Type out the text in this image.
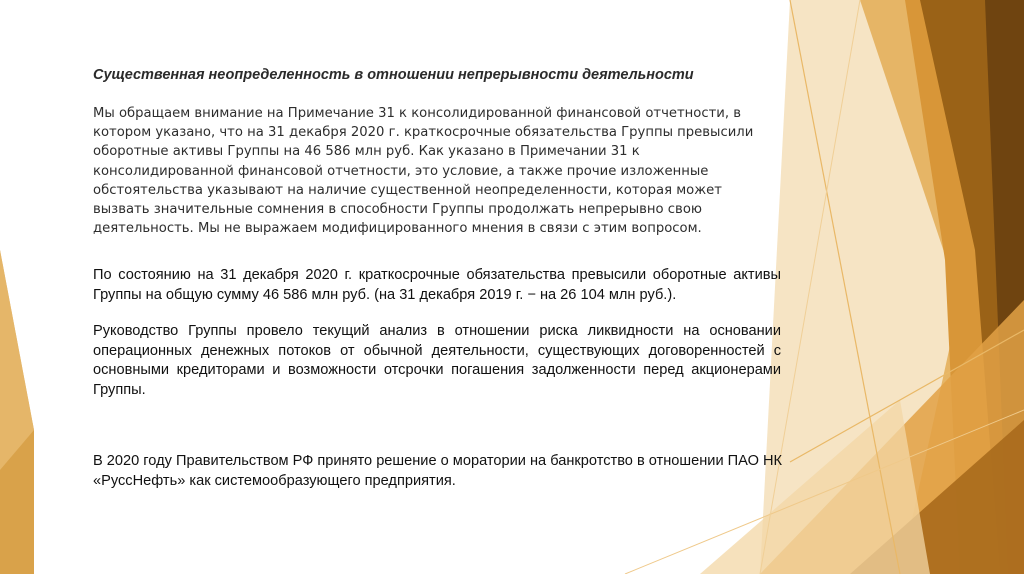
Существенная неопределенность в отношении непрерывности деятельности

Мы обращаем внимание на Примечание 31 к консолидированной финансовой отчетности, в котором указано, что на 31 декабря 2020 г. краткосрочные обязательства Группы превысили оборотные активы Группы на 46 586 млн руб. Как указано в Примечании 31 к консолидированной финансовой отчетности, это условие, а также прочие изложенные обстоятельства указывают на наличие существенной неопределенности, которая может вызвать значительные сомнения в способности Группы продолжать непрерывно свою деятельность. Мы не выражаем модифицированного мнения в связи с этим вопросом.

По состоянию на 31 декабря 2020 г. краткосрочные обязательства превысили оборотные активы Группы на общую сумму 46 586 млн руб. (на 31 декабря 2019 г. − на 26 104 млн руб.).

Руководство Группы провело текущий анализ в отношении риска ликвидности на основании операционных денежных потоков от обычной деятельности, существующих договоренностей с основными кредиторами и возможности отсрочки погашения задолженности перед акционерами Группы.

В 2020 году Правительством РФ принято решение о моратории на банкротство в отношении ПАО НК «РуссНефть» как системообразующего предприятия.
